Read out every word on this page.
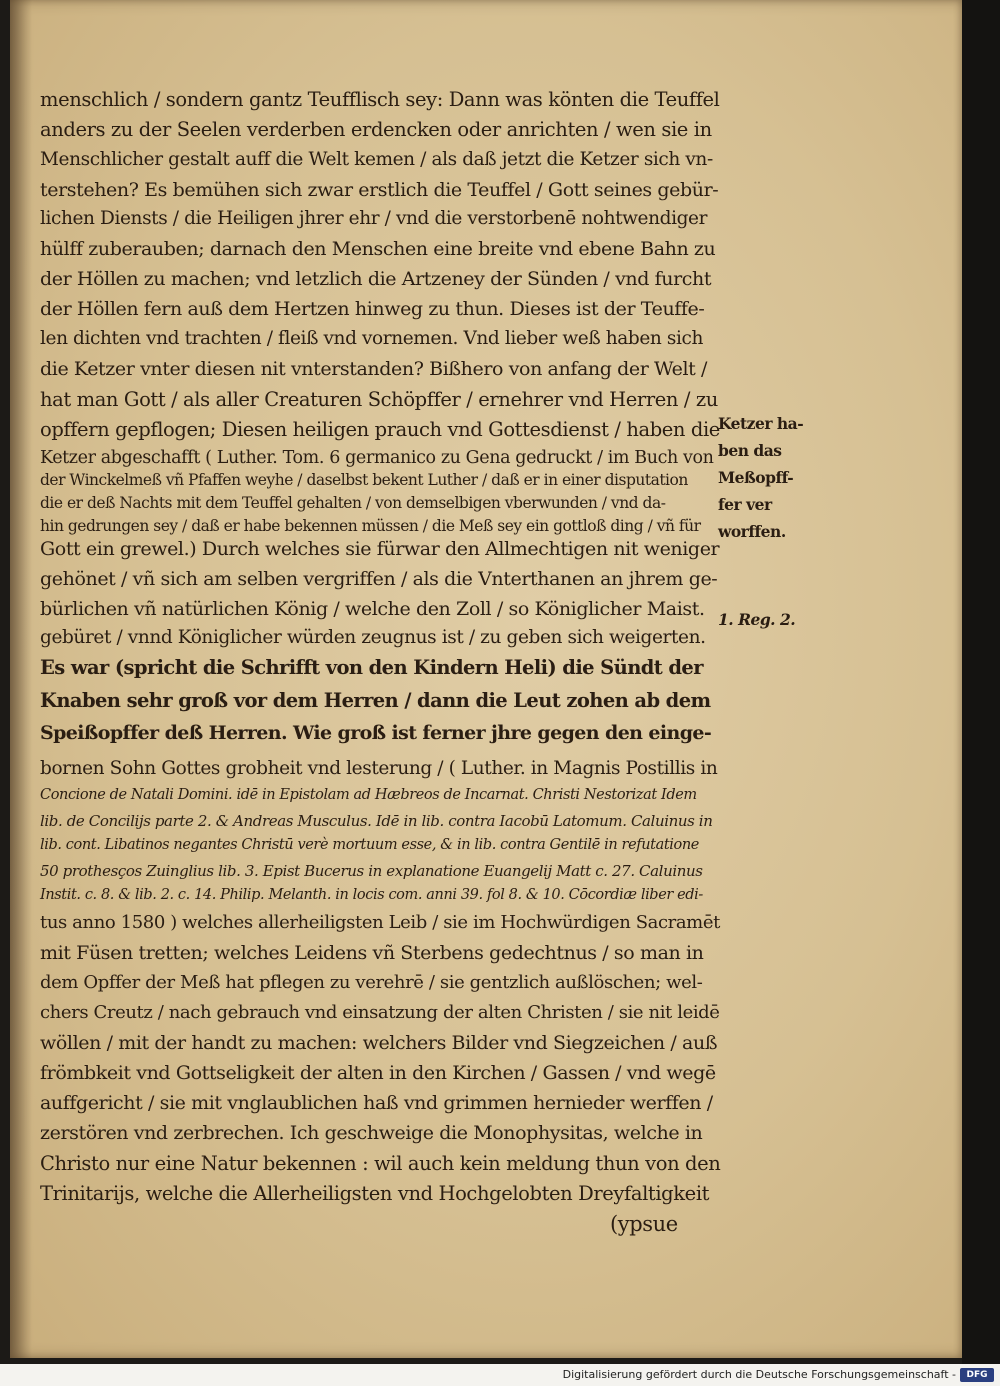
menschlich / sondern gantz Teufflisch sey: Dann was könten die Teuffel
anders zu der Seelen verderben erdencken oder anrichten / wen sie in
Menschlicher gestalt auff die Welt kemen / als daß jetzt die Ketzer sich vn-
terstehen? Es bemühen sich zwar erstlich die Teuffel / Gott seines gebür-
lichen Diensts / die Heiligen jhrer ehr / vnd die verstorbenē nohtwendiger
hülff zuberauben; darnach den Menschen eine breite vnd ebene Bahn zu
der Höllen zu machen; vnd letzlich die Artzeney der Sünden / vnd furcht
der Höllen fern auß dem Hertzen hinweg zu thun. Dieses ist der Teuffe-
len dichten vnd trachten / fleiß vnd vornemen. Vnd lieber weß haben sich
die Ketzer vnter diesen nit vnterstanden? Bißhero von anfang der Welt /
hat man Gott / als aller Creaturen Schöpffer / ernehrer vnd Herren / zu
opffern gepflogen; Diesen heiligen prauch vnd Gottesdienst / haben die
Ketzer abgeschafft ( Luther. Tom. 6 germanico zu Gena gedruckt / im Buch von
der Winckelmeß vñ Pfaffen weyhe / daselbst bekent Luther / daß er in einer disputation
die er deß Nachts mit dem Teuffel gehalten / von demselbigen vberwunden / vnd da-
hin gedrungen sey / daß er habe bekennen müssen / die Meß sey ein gottloß ding / vñ für
Gott ein grewel.) Durch welches sie fürwar den Allmechtigen nit weniger
gehönet / vñ sich am selben vergriffen / als die Vnterthanen an jhrem ge-
bürlichen vñ natürlichen König / welche den Zoll / so Königlicher Maist.
gebüret / vnnd Königlicher würden zeugnus ist / zu geben sich weigerten.
Es war (spricht die Schrifft von den Kindern Heli) die Sündt der
Knaben sehr groß vor dem Herren / dann die Leut zohen ab dem
Speißopffer deß Herren. Wie groß ist ferner jhre gegen den einge-
bornen Sohn Gottes grobheit vnd lesterung / ( Luther. in Magnis Postillis in
Concione de Natali Domini. idē in Epistolam ad Hæbreos de Incarnat. Christi Nestorizat Idem
lib. de Concilijs parte 2. & Andreas Musculus. Idē in lib. contra Iacobū Latomum. Caluinus in
lib. cont. Libatinos negantes Christū verè mortuum esse, & in lib. contra Gentilē in refutatione
50 prothesços Zuinglius lib. 3. Epist Bucerus in explanatione Euangelij Matt c. 27. Caluinus
Instit. c. 8. & lib. 2. c. 14. Philip. Melanth. in locis com. anni 39. fol 8. & 10. Cōcordiæ liber edi-
tus anno 1580 ) welches allerheiligsten Leib / sie im Hochwürdigen Sacramēt
mit Füsen tretten; welches Leidens vñ Sterbens gedechtnus / so man in
dem Opffer der Meß hat pflegen zu verehrē / sie gentzlich außlöschen; wel-
chers Creutz / nach gebrauch vnd einsatzung der alten Christen / sie nit leidē
wöllen / mit der handt zu machen: welchers Bilder vnd Siegzeichen / auß
frömbkeit vnd Gottseligkeit der alten in den Kirchen / Gassen / vnd wegē
auffgericht / sie mit vnglaublichen haß vnd grimmen hernieder werffen /
zerstören vnd zerbrechen. Ich geschweige die Monophysitas, welche in
Christo nur eine Natur bekennen : wil auch kein meldung thun von den
Trinitarijs, welche die Allerheiligsten vnd Hochgelobten Dreyfaltigkeit
(ypsue
Ketzer ha-
ben das
Meßopff-
fer ver
worffen.
1. Reg. 2.
Digitalisierung gefördert durch die Deutsche Forschungsgemeinschaft -	DFG
